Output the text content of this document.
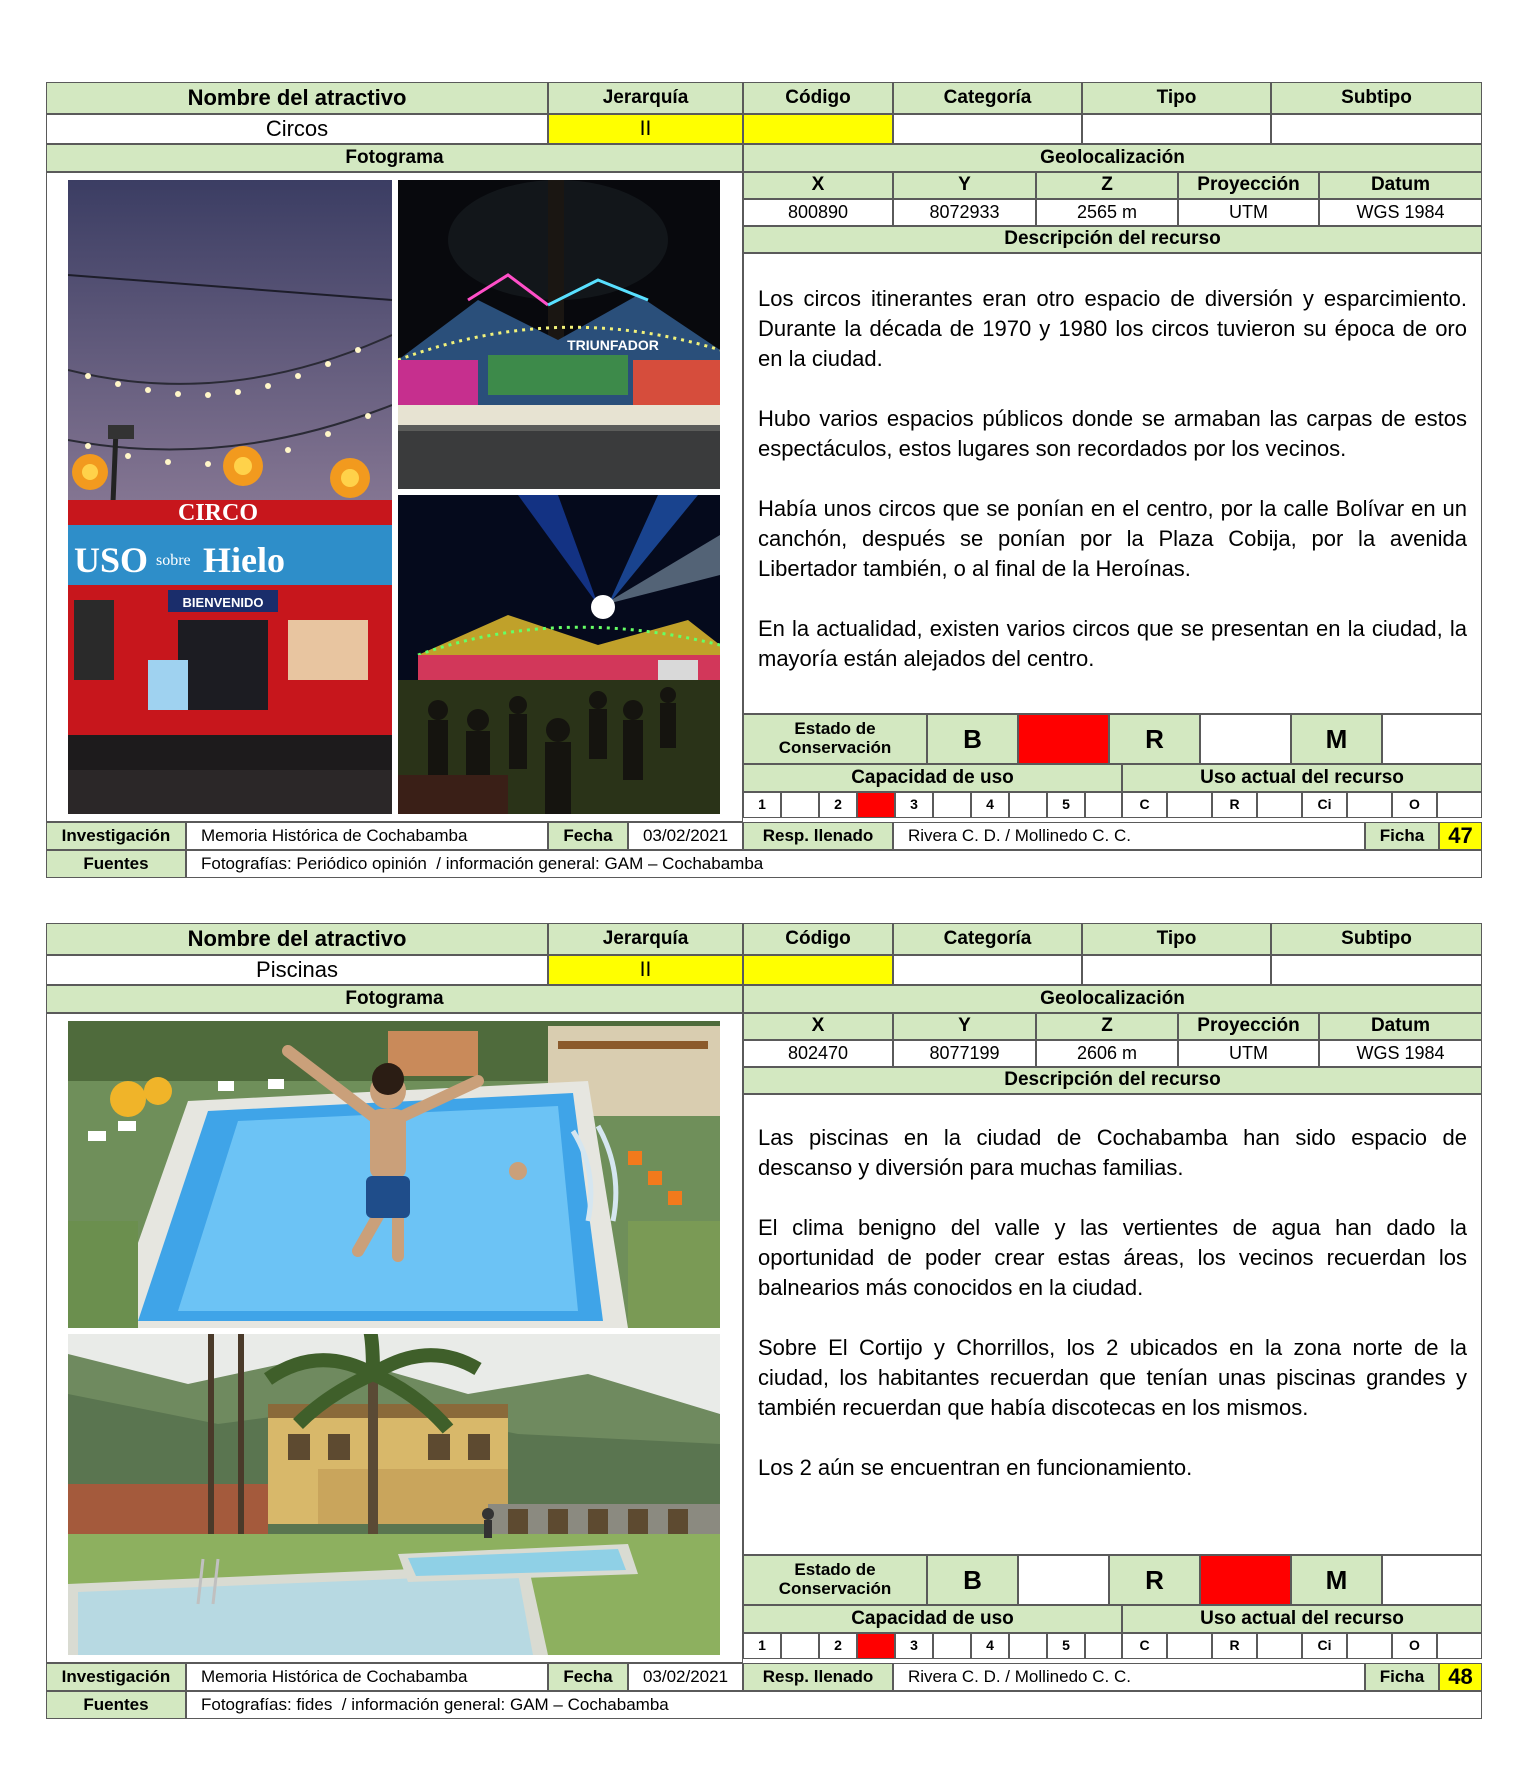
Nombre del atractivo	Jerarquía	Código	Categoría	Tipo	Subtipo
Circos	II
Fotograma	Geolocalización
CIRCO
USO sobre Hielo
BIENVENIDO
TRIUNFADOR
X	Y	Z	Proyección	Datum
800890	8072933	2565 m	UTM	WGS 1984
Descripción del recurso

Los circos itinerantes eran otro espacio de diversión y esparcimiento. Durante la década de 1970 y 1980 los circos tuvieron su época de oro en la ciudad.

Hubo varios espacios públicos donde se armaban las carpas de estos espectáculos, estos lugares son recordados por los vecinos.

Había unos circos que se ponían en el centro, por la calle Bolívar en un canchón, después se ponían por la Plaza Cobija, por la avenida Libertador también, o al final de la Heroínas.

En la actualidad, existen varios circos que se presentan en la ciudad, la mayoría están alejados del centro.

Estado de
Conservación	B	R	M
Capacidad de uso	Uso actual del recurso
1	2	3	4	5	C	R	Ci	O
Investigación	Memoria Histórica de Cochabamba	Fecha	03/02/2021	Resp. llenado	Rivera C. D. / Mollinedo C. C.	Ficha	47
Fuentes	Fotografías: Periódico opinión  / información general: GAM – Cochabamba
Nombre del atractivo	Jerarquía	Código	Categoría	Tipo	Subtipo
Piscinas	II
Fotograma	Geolocalización
X	Y	Z	Proyección	Datum
802470	8077199	2606 m	UTM	WGS 1984
Descripción del recurso

Las piscinas en la ciudad de Cochabamba han sido espacio de descanso y diversión para muchas familias.

El clima benigno del valle y las vertientes de agua han dado la oportunidad de poder crear estas áreas, los vecinos recuerdan los balnearios más conocidos en la ciudad.

Sobre El Cortijo y Chorrillos, los 2 ubicados en la zona norte de la ciudad, los habitantes recuerdan que tenían unas piscinas grandes y también recuerdan que había discotecas en los mismos.

Los 2 aún se encuentran en funcionamiento.

Estado de
Conservación	B	R	M
Capacidad de uso	Uso actual del recurso
1	2	3	4	5	C	R	Ci	O
Investigación	Memoria Histórica de Cochabamba	Fecha	03/02/2021	Resp. llenado	Rivera C. D. / Mollinedo C. C.	Ficha	48
Fuentes	Fotografías: fides  / información general: GAM – Cochabamba
